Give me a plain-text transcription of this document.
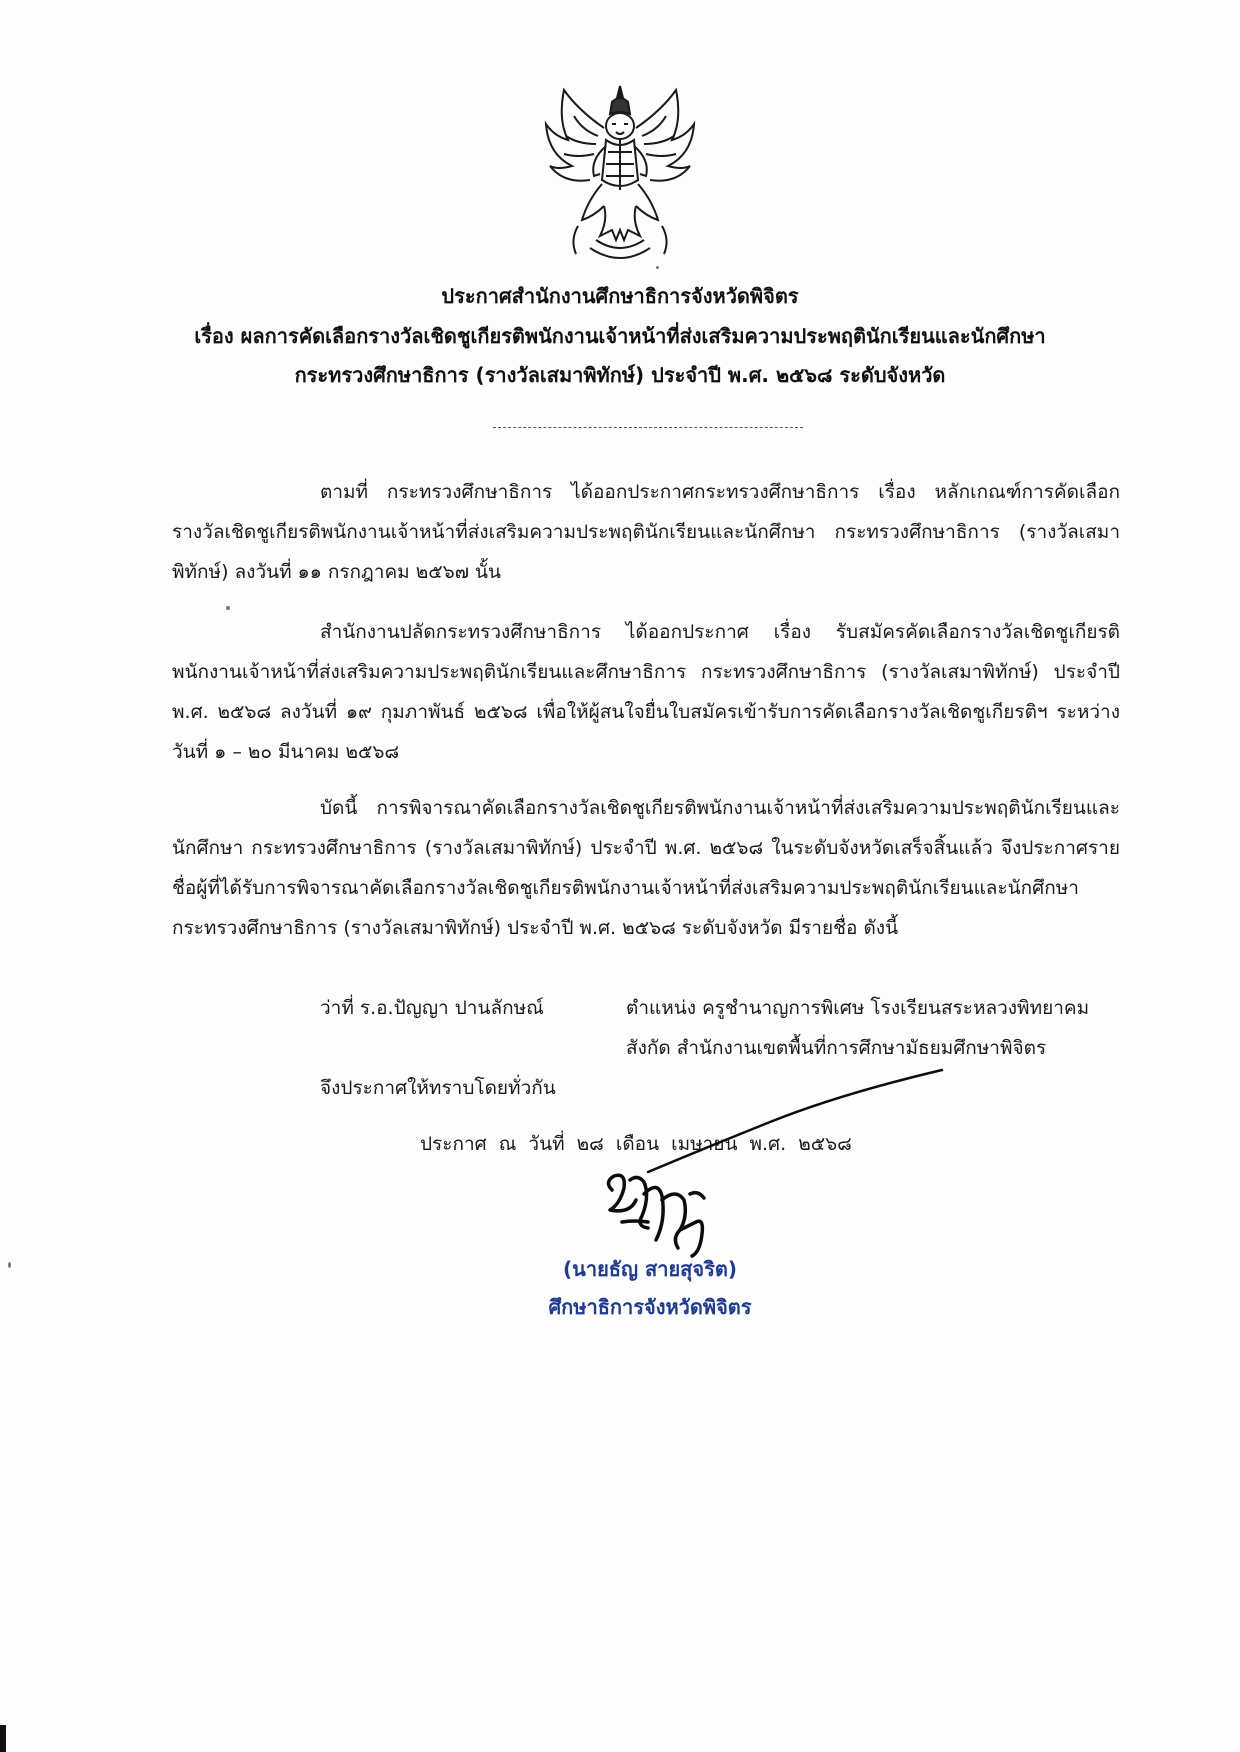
ประกาศสำนักงานศึกษาธิการจังหวัดพิจิตร
เรื่อง ผลการคัดเลือกรางวัลเชิดชูเกียรติพนักงานเจ้าหน้าที่ส่งเสริมความประพฤตินักเรียนและนักศึกษา
กระทรวงศึกษาธิการ (รางวัลเสมาพิทักษ์) ประจำปี พ.ศ. ๒๕๖๘ ระดับจังหวัด

ตามที่ กระทรวงศึกษาธิการ ได้ออกประกาศกระทรวงศึกษาธิการ เรื่อง หลักเกณฑ์การคัดเลือกรางวัลเชิดชูเกียรติพนักงานเจ้าหน้าที่ส่งเสริมความประพฤตินักเรียนและนักศึกษา กระทรวงศึกษาธิการ (รางวัลเสมาพิทักษ์) ลงวันที่ ๑๑ กรกฎาคม ๒๕๖๗ นั้น

สำนักงานปลัดกระทรวงศึกษาธิการ ได้ออกประกาศ เรื่อง รับสมัครคัดเลือกรางวัลเชิดชูเกียรติพนักงานเจ้าหน้าที่ส่งเสริมความประพฤตินักเรียนและศึกษาธิการ กระทรวงศึกษาธิการ (รางวัลเสมาพิทักษ์) ประจำปี พ.ศ. ๒๕๖๘ ลงวันที่ ๑๙ กุมภาพันธ์ ๒๕๖๘ เพื่อให้ผู้สนใจยื่นใบสมัครเข้ารับการคัดเลือกรางวัลเชิดชูเกียรติฯ ระหว่างวันที่ ๑ – ๒๐ มีนาคม ๒๕๖๘

บัดนี้ การพิจารณาคัดเลือกรางวัลเชิดชูเกียรติพนักงานเจ้าหน้าที่ส่งเสริมความประพฤตินักเรียนและนักศึกษา กระทรวงศึกษาธิการ (รางวัลเสมาพิทักษ์) ประจำปี พ.ศ. ๒๕๖๘ ในระดับจังหวัดเสร็จสิ้นแล้ว จึงประกาศรายชื่อผู้ที่ได้รับการพิจารณาคัดเลือกรางวัลเชิดชูเกียรติพนักงานเจ้าหน้าที่ส่งเสริมความประพฤตินักเรียนและนักศึกษา กระทรวงศึกษาธิการ (รางวัลเสมาพิทักษ์) ประจำปี พ.ศ. ๒๕๖๘ ระดับจังหวัด มีรายชื่อ ดังนี้

ว่าที่ ร.อ.ปัญญา ปานลักษณ์	ตำแหน่ง ครูชำนาญการพิเศษ โรงเรียนสระหลวงพิทยาคม
สังกัด สำนักงานเขตพื้นที่การศึกษามัธยมศึกษาพิจิตร
จึงประกาศให้ทราบโดยทั่วกัน
ประกาศ ณ วันที่ ๒๘ เดือน เมษายน พ.ศ. ๒๕๖๘
(นายธัญ สายสุจริต)
ศึกษาธิการจังหวัดพิจิตร
